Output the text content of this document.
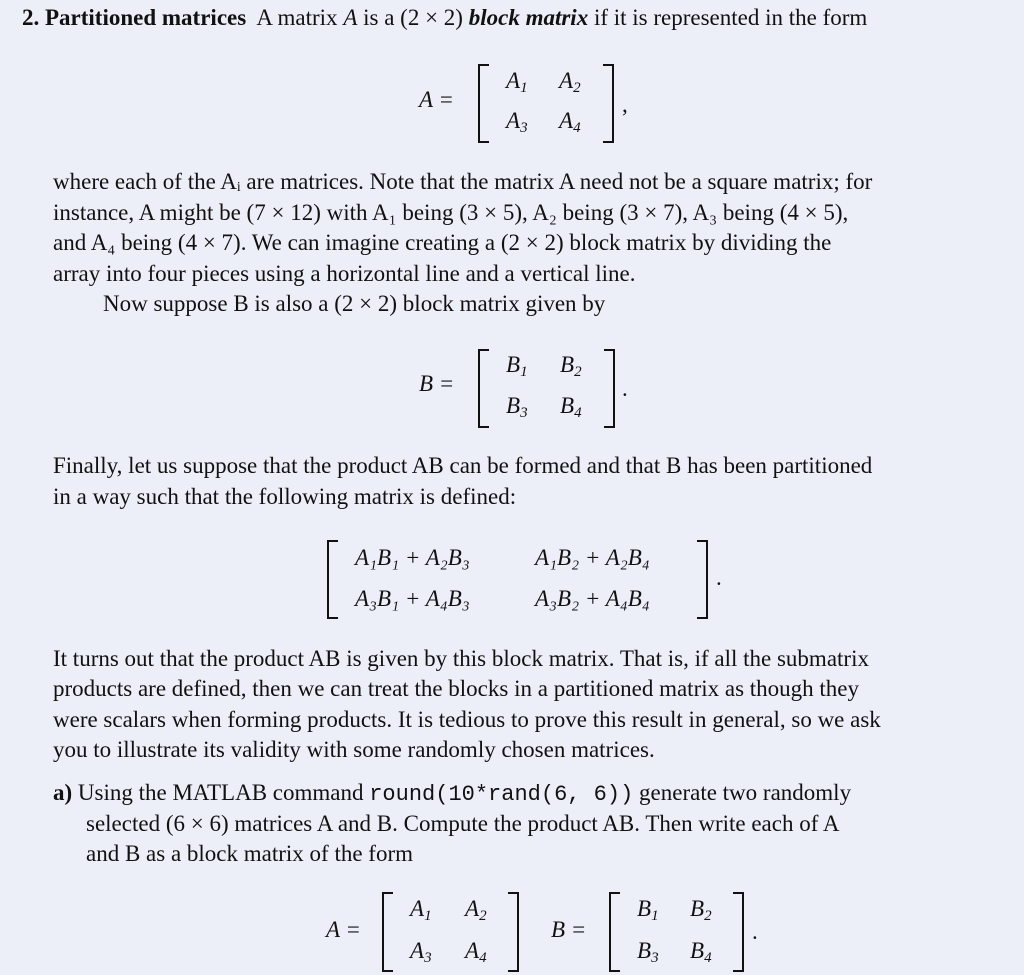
2. Partitioned matrices A matrix A is a (2 × 2) block matrix if it is represented in the form
A =
$A_1$ $A_2$
$A_3$ $A_4$
,
where each of the Aᵢ are matrices. Note that the matrix A need not be a square matrix; for
instance, A might be (7 × 12) with A₁ being (3 × 5), A₂ being (3 × 7), A₃ being (4 × 5),
and A₄ being (4 × 7). We can imagine creating a (2 × 2) block matrix by dividing the
array into four pieces using a horizontal line and a vertical line.
Now suppose B is also a (2 × 2) block matrix given by
B =
$B_1$ $B_2$
$B_3$ $B_4$
.
Finally, let us suppose that the product AB can be formed and that B has been partitioned
in a way such that the following matrix is defined:
A₁B₁ + A₂B₃	A₁B₂ + A₂B₄
A₃B₁ + A₄B₃	A₃B₂ + A₄B₄
.
It turns out that the product AB is given by this block matrix. That is, if all the submatrix
products are defined, then we can treat the blocks in a partitioned matrix as though they
were scalars when forming products. It is tedious to prove this result in general, so we ask
you to illustrate its validity with some randomly chosen matrices.
a) Using the MATLAB command round(10*rand(6, 6)) generate two randomly
selected (6 × 6) matrices A and B. Compute the product AB. Then write each of A
and B as a block matrix of the form
A =
$A_1$ $A_2$
$A_3$ $A_4$
B =
$B_1$ $B_2$
$B_3$ $B_4$
.
